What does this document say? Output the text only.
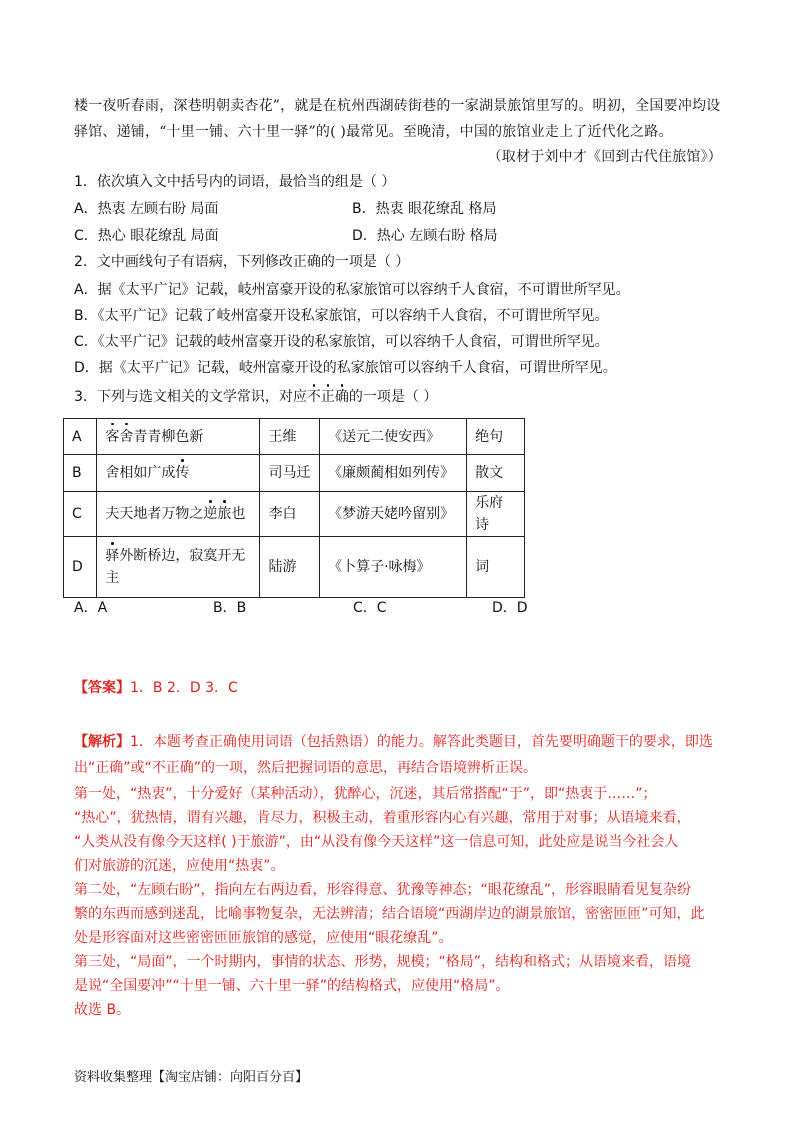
楼一夜听春雨，深巷明朝卖杏花”，就是在杭州西湖砖街巷的一家湖景旅馆里写的。明初，全国要冲均设
驿馆、递铺，“十里一铺、六十里一驿”的( )最常见。至晚清，中国的旅馆业走上了近代化之路。
（取材于刘中才《回到古代住旅馆》）
1．依次填入文中括号内的词语，最恰当的组是（ ）
A．热衷 左顾右盼 局面	B．热衷 眼花缭乱 格局
C．热心 眼花缭乱 局面	D．热心 左顾右盼 格局
2．文中画线句子有语病，下列修改正确的一项是（ ）
A．据《太平广记》记载，岐州富豪开设的私家旅馆可以容纳千人食宿，不可谓世所罕见。
B．《太平广记》记载了岐州富豪开设私家旅馆，可以容纳千人食宿，不可谓世所罕见。
C．《太平广记》记载的岐州富豪开设的私家旅馆，可以容纳千人食宿，可谓世所罕见。
D．据《太平广记》记载，岐州富豪开设的私家旅馆可以容纳千人食宿，可谓世所罕见。
3．下列与选文相关的文学常识，对应不正确的一项是（ ）
A	客舍青青柳色新	王维	《送元二使安西》	绝句
B	舍相如广成传	司马迁	《廉颇蔺相如列传》	散文
C	夫天地者万物之逆旅也	李白	《梦游天姥吟留别》	乐府诗
D	驿外断桥边，寂寞开无主	陆游	《卜算子·咏梅》	词
A．A	B．B	C．C	D．D
【答案】1．B 2．D 3．C
【解析】1．本题考查正确使用词语（包括熟语）的能力。解答此类题目，首先要明确题干的要求，即选
出“正确”或“不正确”的一项，然后把握词语的意思，再结合语境辨析正误。
第一处，“热衷”，十分爱好（某种活动），犹醉心，沉迷，其后常搭配“于”，即“热衷于……”；
“热心”，犹热情，谓有兴趣，肯尽力，积极主动，着重形容内心有兴趣，常用于对事；从语境来看，
“人类从没有像今天这样( )于旅游”，由“从没有像今天这样”这一信息可知，此处应是说当今社会人
们对旅游的沉迷，应使用“热衷”。
第二处，“左顾右盼”，指向左右两边看，形容得意、犹豫等神态；“眼花缭乱”，形容眼睛看见复杂纷
繁的东西而感到迷乱，比喻事物复杂，无法辨清；结合语境“西湖岸边的湖景旅馆，密密匝匝”可知，此
处是形容面对这些密密匝匝旅馆的感觉，应使用“眼花缭乱”。
第三处，“局面”，一个时期内，事情的状态、形势，规模；“格局”，结构和格式；从语境来看，语境
是说“全国要冲”“十里一铺、六十里一驿”的结构格式，应使用“格局”。
故选 B。
资料收集整理【淘宝店铺：向阳百分百】
